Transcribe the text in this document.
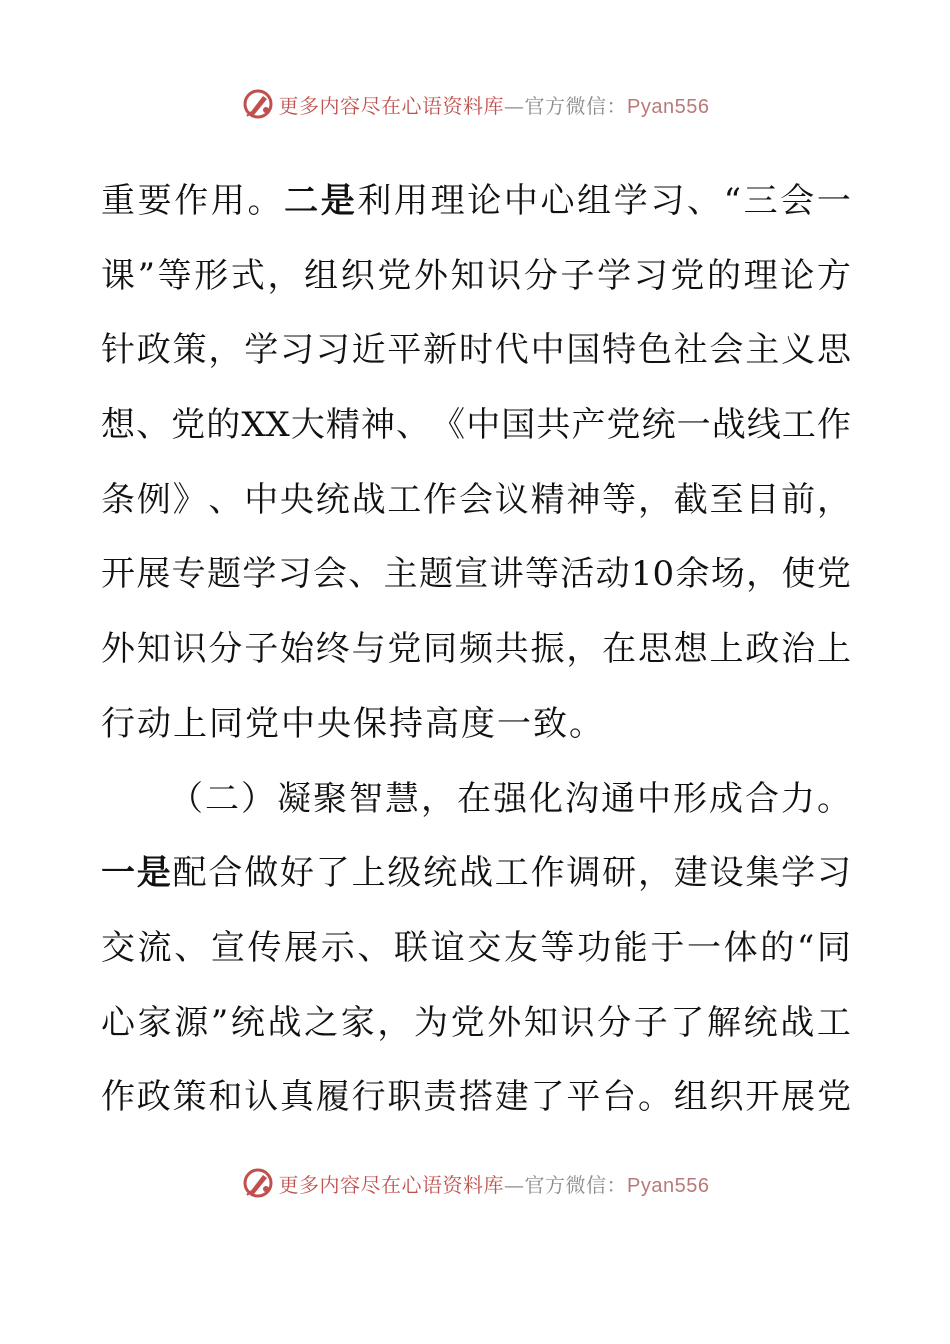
更多内容尽在心语资料库—官方微信：Pyan556
重 要 作 用 。 二 是 利 用 理 论 中 心 组 学 习 、 “ 三 会 一
课 ” 等 形 式 ， 组 织 党 外 知 识 分 子 学 习 党 的 理 论 方
针 政 策 ， 学 习 习 近 平 新 时 代 中 国 特 色 社 会 主 义 思
想 、 党 的 XX 大 精 神 、 《 中 国 共 产 党 统 一 战 线 工 作
条 例 》 、 中 央 统 战 工 作 会 议 精 神 等 ， 截 至 目 前 ，
开 展 专 题 学 习 会 、 主 题 宣 讲 等 活 动 10 余 场 ， 使 党
外 知 识 分 子 始 终 与 党 同 频 共 振 ， 在 思 想 上 政 治 上
行动上同党中央保持高度一致。
（ 二 ） 凝 聚 智 慧 ， 在 强 化 沟 通 中 形 成 合 力 。
一 是 配 合 做 好 了 上 级 统 战 工 作 调 研 ， 建 设 集 学 习
交 流 、 宣 传 展 示 、 联 谊 交 友 等 功 能 于 一 体 的 “ 同
心 家 源 ” 统 战 之 家 ， 为 党 外 知 识 分 子 了 解 统 战 工
作 政 策 和 认 真 履 行 职 责 搭 建 了 平 台 。 组 织 开 展 党
更多内容尽在心语资料库—官方微信：Pyan556
